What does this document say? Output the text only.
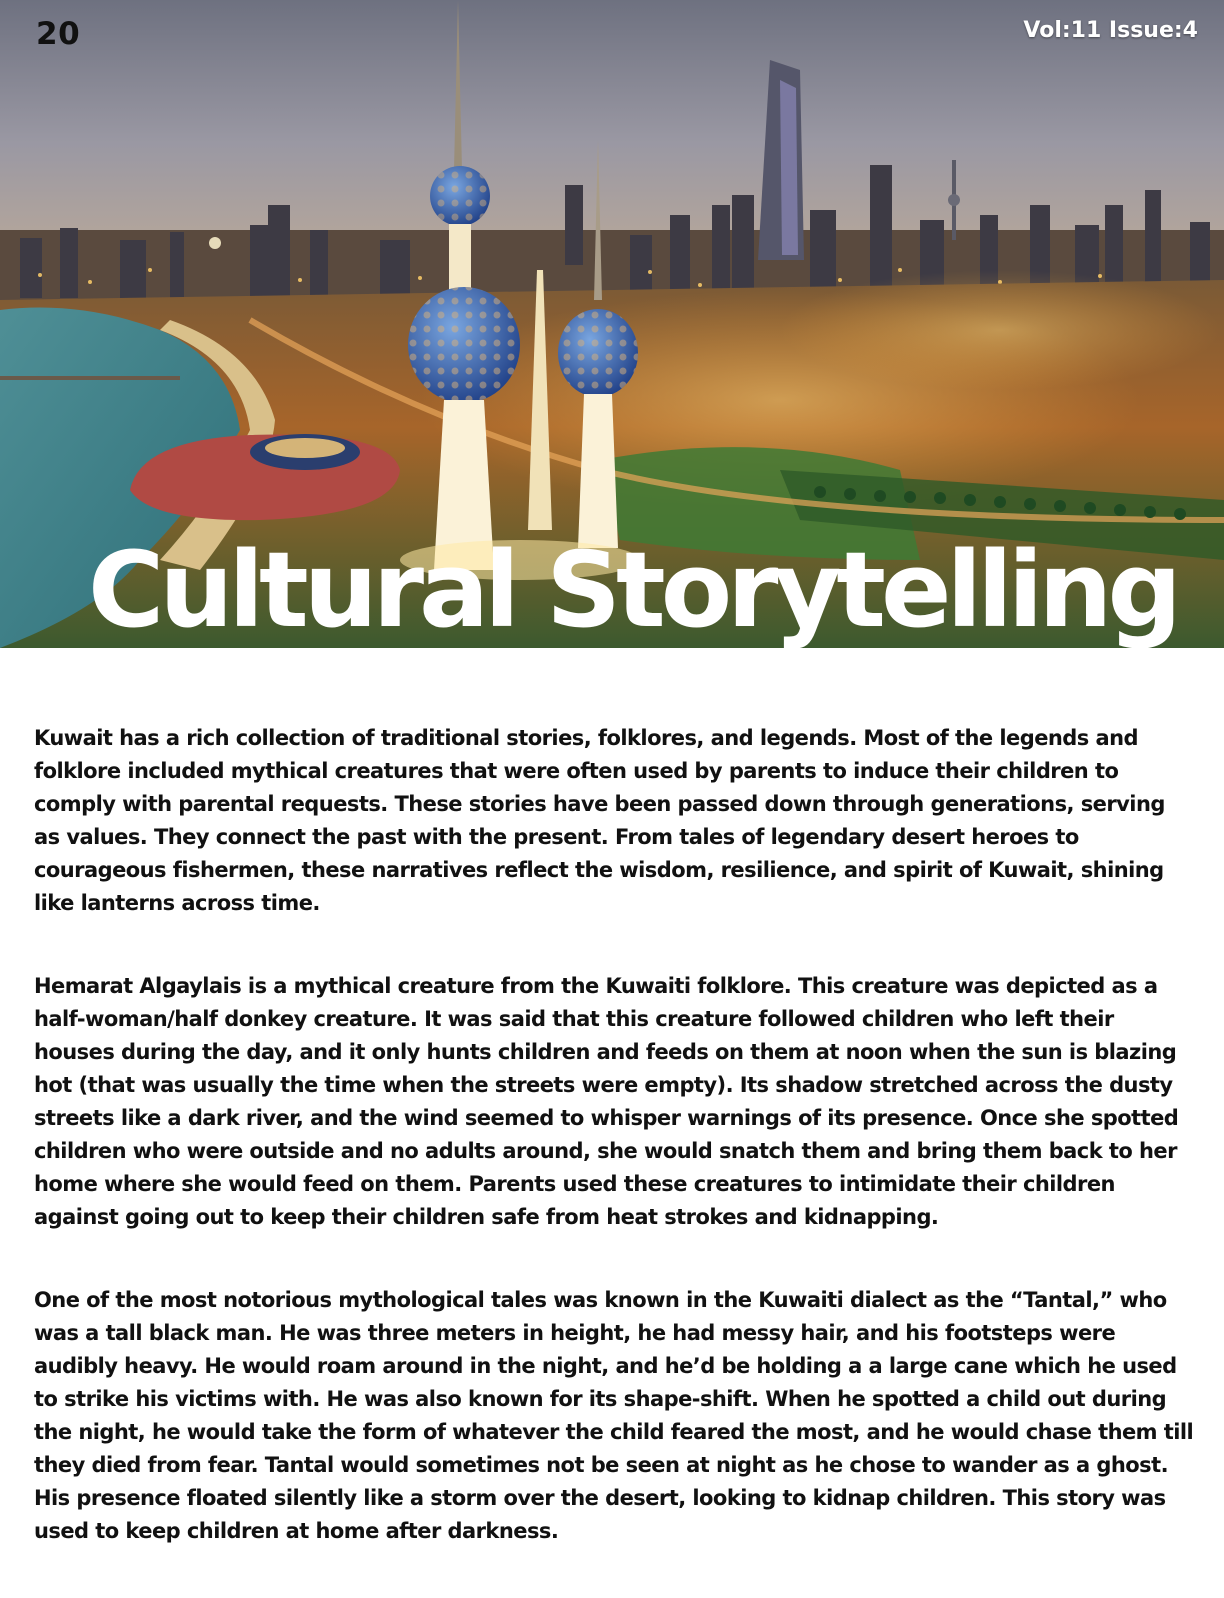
20	Vol:11 Issue:4
Cultural Storytelling

Kuwait has a rich collection of traditional stories, folklores, and legends. Most of the legends and folklore included mythical creatures that were often used by parents to induce their children to comply with parental requests. These stories have been passed down through generations, serving as values. They connect the past with the present. From tales of legendary desert heroes to courageous fishermen, these narratives reflect the wisdom, resilience, and spirit of Kuwait, shining like lanterns across time.

Hemarat Algaylais is a mythical creature from the Kuwaiti folklore. This creature was depicted as a half-woman/half donkey creature. It was said that this creature followed children who left their houses during the day, and it only hunts children and feeds on them at noon when the sun is blazing hot (that was usually the time when the streets were empty). Its shadow stretched across the dusty streets like a dark river, and the wind seemed to whisper warnings of its presence. Once she spotted children who were outside and no adults around, she would snatch them and bring them back to her home where she would feed on them. Parents used these creatures to intimidate their children against going out to keep their children safe from heat strokes and kidnapping.

One of the most notorious mythological tales was known in the Kuwaiti dialect as the “Tantal,” who was a tall black man. He was three meters in height, he had messy hair, and his footsteps were audibly heavy. He would roam around in the night, and he’d be holding a a large cane which he used to strike his victims with. He was also known for its shape-shift. When he spotted a child out during the night, he would take the form of whatever the child feared the most, and he would chase them till they died from fear. Tantal would sometimes not be seen at night as he chose to wander as a ghost. His presence floated silently like a storm over the desert, looking to kidnap children. This story was used to keep children at home after darkness.
